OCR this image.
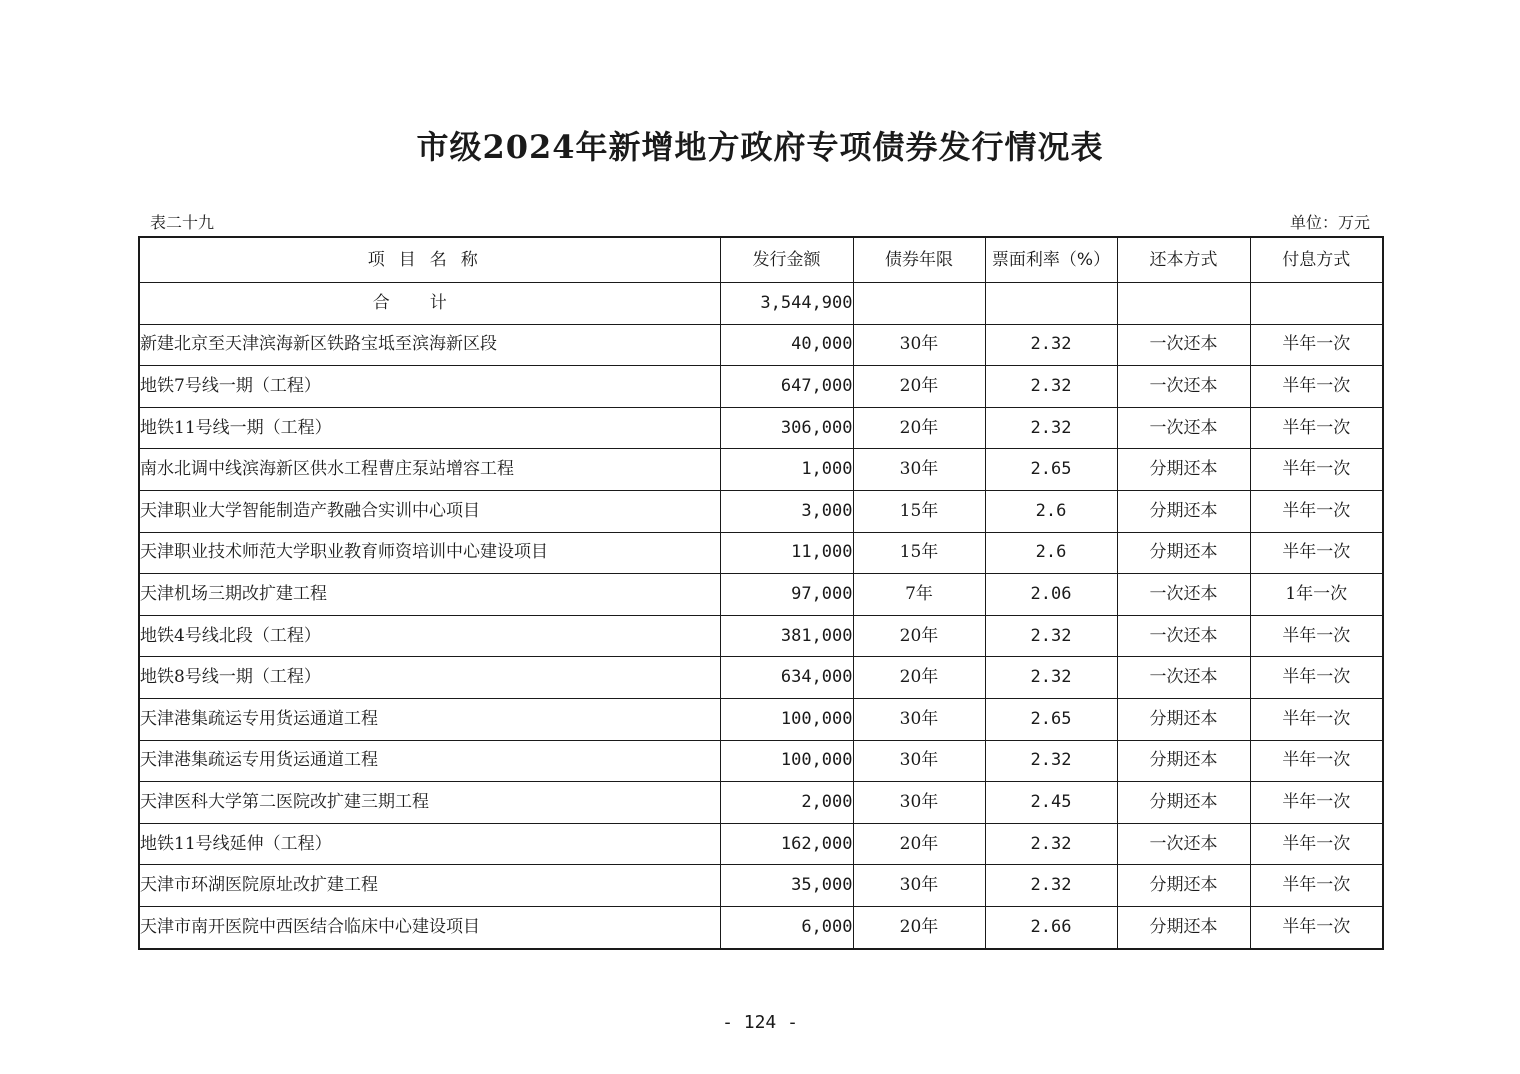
市级2024年新增地方政府专项债券发行情况表
表二十九	单位：万元
项目名称	发行金额	债券年限	票面利率（%）	还本方式	付息方式
合计	3,544,900				
新建北京至天津滨海新区铁路宝坻至滨海新区段	40,000	30年	2.32	一次还本	半年一次
地铁7号线一期（工程）	647,000	20年	2.32	一次还本	半年一次
地铁11号线一期（工程）	306,000	20年	2.32	一次还本	半年一次
南水北调中线滨海新区供水工程曹庄泵站增容工程	1,000	30年	2.65	分期还本	半年一次
天津职业大学智能制造产教融合实训中心项目	3,000	15年	2.6	分期还本	半年一次
天津职业技术师范大学职业教育师资培训中心建设项目	11,000	15年	2.6	分期还本	半年一次
天津机场三期改扩建工程	97,000	7年	2.06	一次还本	1年一次
地铁4号线北段（工程）	381,000	20年	2.32	一次还本	半年一次
地铁8号线一期（工程）	634,000	20年	2.32	一次还本	半年一次
天津港集疏运专用货运通道工程	100,000	30年	2.65	分期还本	半年一次
天津港集疏运专用货运通道工程	100,000	30年	2.32	分期还本	半年一次
天津医科大学第二医院改扩建三期工程	2,000	30年	2.45	分期还本	半年一次
地铁11号线延伸（工程）	162,000	20年	2.32	一次还本	半年一次
天津市环湖医院原址改扩建工程	35,000	30年	2.32	分期还本	半年一次
天津市南开医院中西医结合临床中心建设项目	6,000	20年	2.66	分期还本	半年一次
- 124 -
